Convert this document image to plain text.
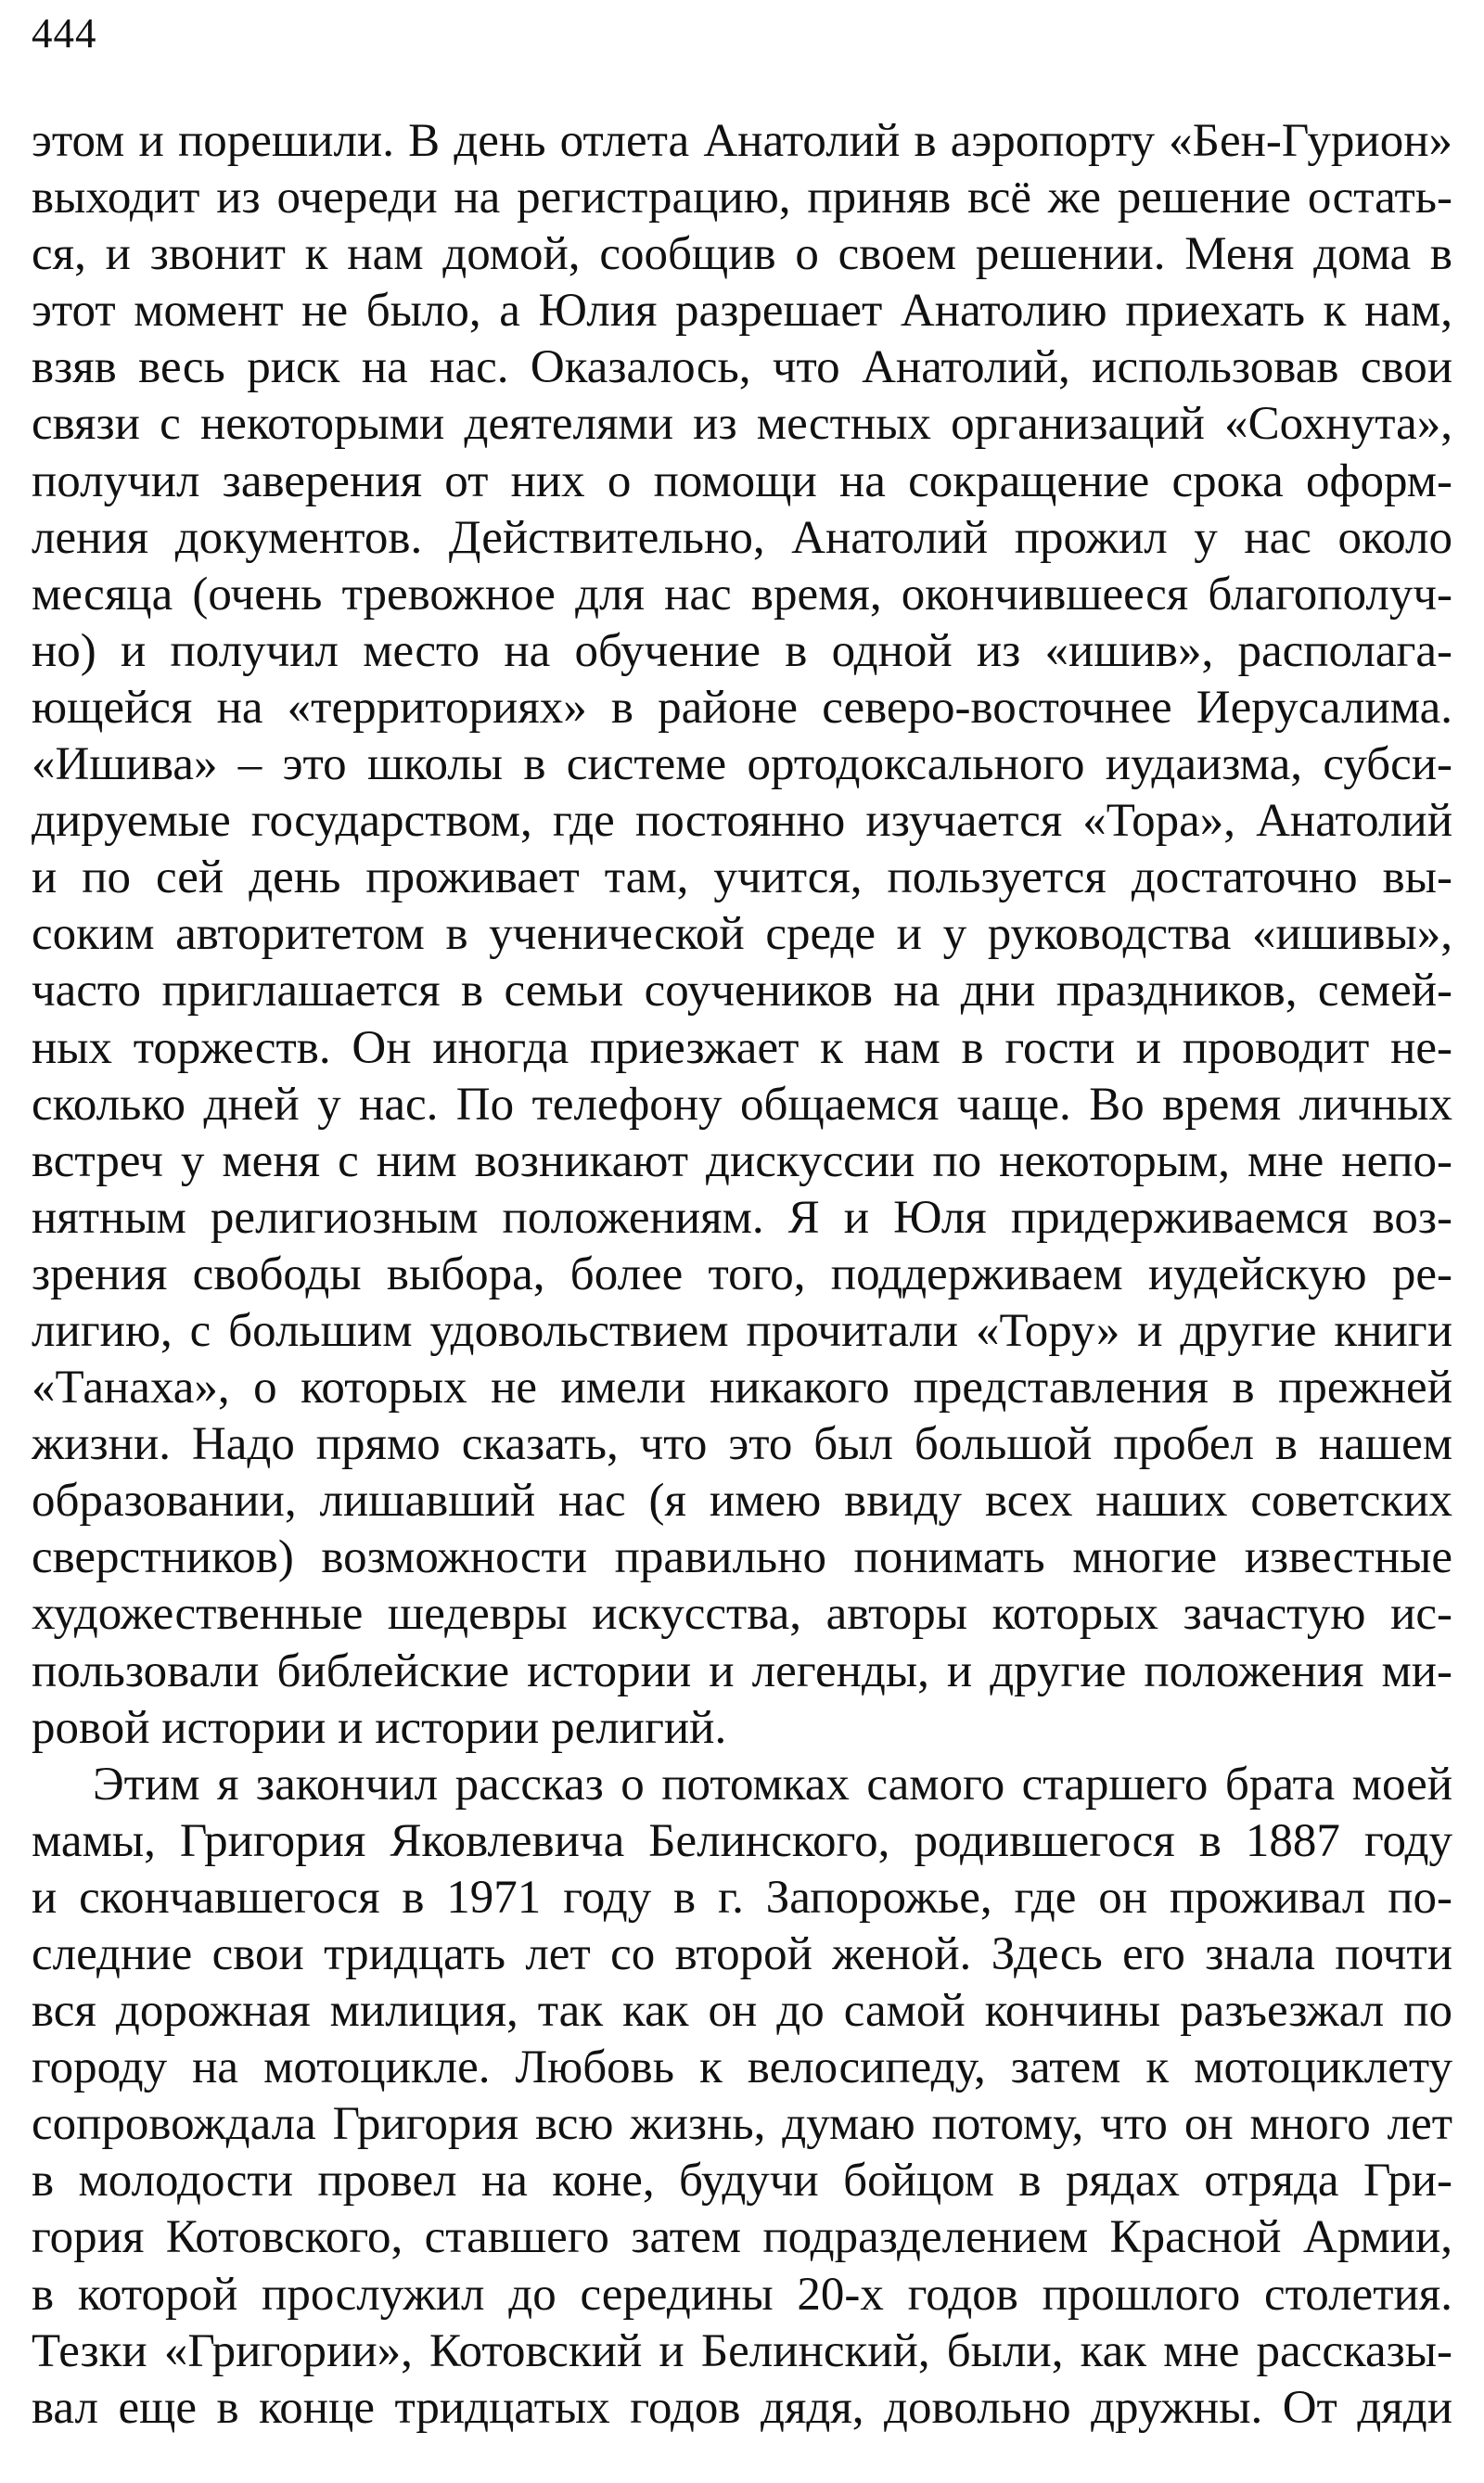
444
этом и порешили. В день отлета Анатолий в аэропорту «Бен-Гурион»
выходит из очереди на регистрацию, приняв всё же решение остать-
ся, и звонит к нам домой, сообщив о своем решении. Меня дома в
этот момент не было, а Юлия разрешает Анатолию приехать к нам,
взяв весь риск на нас. Оказалось, что Анатолий, использовав свои
связи с некоторыми деятелями из местных организаций «Сохнута»,
получил заверения от них о помощи на сокращение срока оформ-
ления документов. Действительно, Анатолий прожил у нас около
месяца (очень тревожное для нас время, окончившееся благополуч-
но) и получил место на обучение в одной из «ишив», располага-
ющейся на «территориях» в районе северо-восточнее Иерусалима.
«Ишива» – это школы в системе ортодоксального иудаизма, субси-
дируемые государством, где постоянно изучается «Тора», Анатолий
и по сей день проживает там, учится, пользуется достаточно вы-
соким авторитетом в ученической среде и у руководства «ишивы»,
часто приглашается в семьи соучеников на дни праздников, семей-
ных торжеств. Он иногда приезжает к нам в гости и проводит не-
сколько дней у нас. По телефону общаемся чаще. Во время личных
встреч у меня с ним возникают дискуссии по некоторым, мне непо-
нятным религиозным положениям. Я и Юля придерживаемся воз-
зрения свободы выбора, более того, поддерживаем иудейскую ре-
лигию, с большим удовольствием прочитали «Тору» и другие книги
«Танаха», о которых не имели никакого представления в прежней
жизни. Надо прямо сказать, что это был большой пробел в нашем
образовании, лишавший нас (я имею ввиду всех наших советских
сверстников) возможности правильно понимать многие известные
художественные шедевры искусства, авторы которых зачастую ис-
пользовали библейские истории и легенды, и другие положения ми-
ровой истории и истории религий.
Этим я закончил рассказ о потомках самого старшего брата моей
мамы, Григория Яковлевича Белинского, родившегося в 1887 году
и скончавшегося в 1971 году в г. Запорожье, где он проживал по-
следние свои тридцать лет со второй женой. Здесь его знала почти
вся дорожная милиция, так как он до самой кончины разъезжал по
городу на мотоцикле. Любовь к велосипеду, затем к мотоциклету
сопровождала Григория всю жизнь, думаю потому, что он много лет
в молодости провел на коне, будучи бойцом в рядах отряда Гри-
гория Котовского, ставшего затем подразделением Красной Армии,
в которой прослужил до середины 20-х годов прошлого столетия.
Тезки «Григории», Котовский и Белинский, были, как мне рассказы-
вал еще в конце тридцатых годов дядя, довольно дружны. От дяди
